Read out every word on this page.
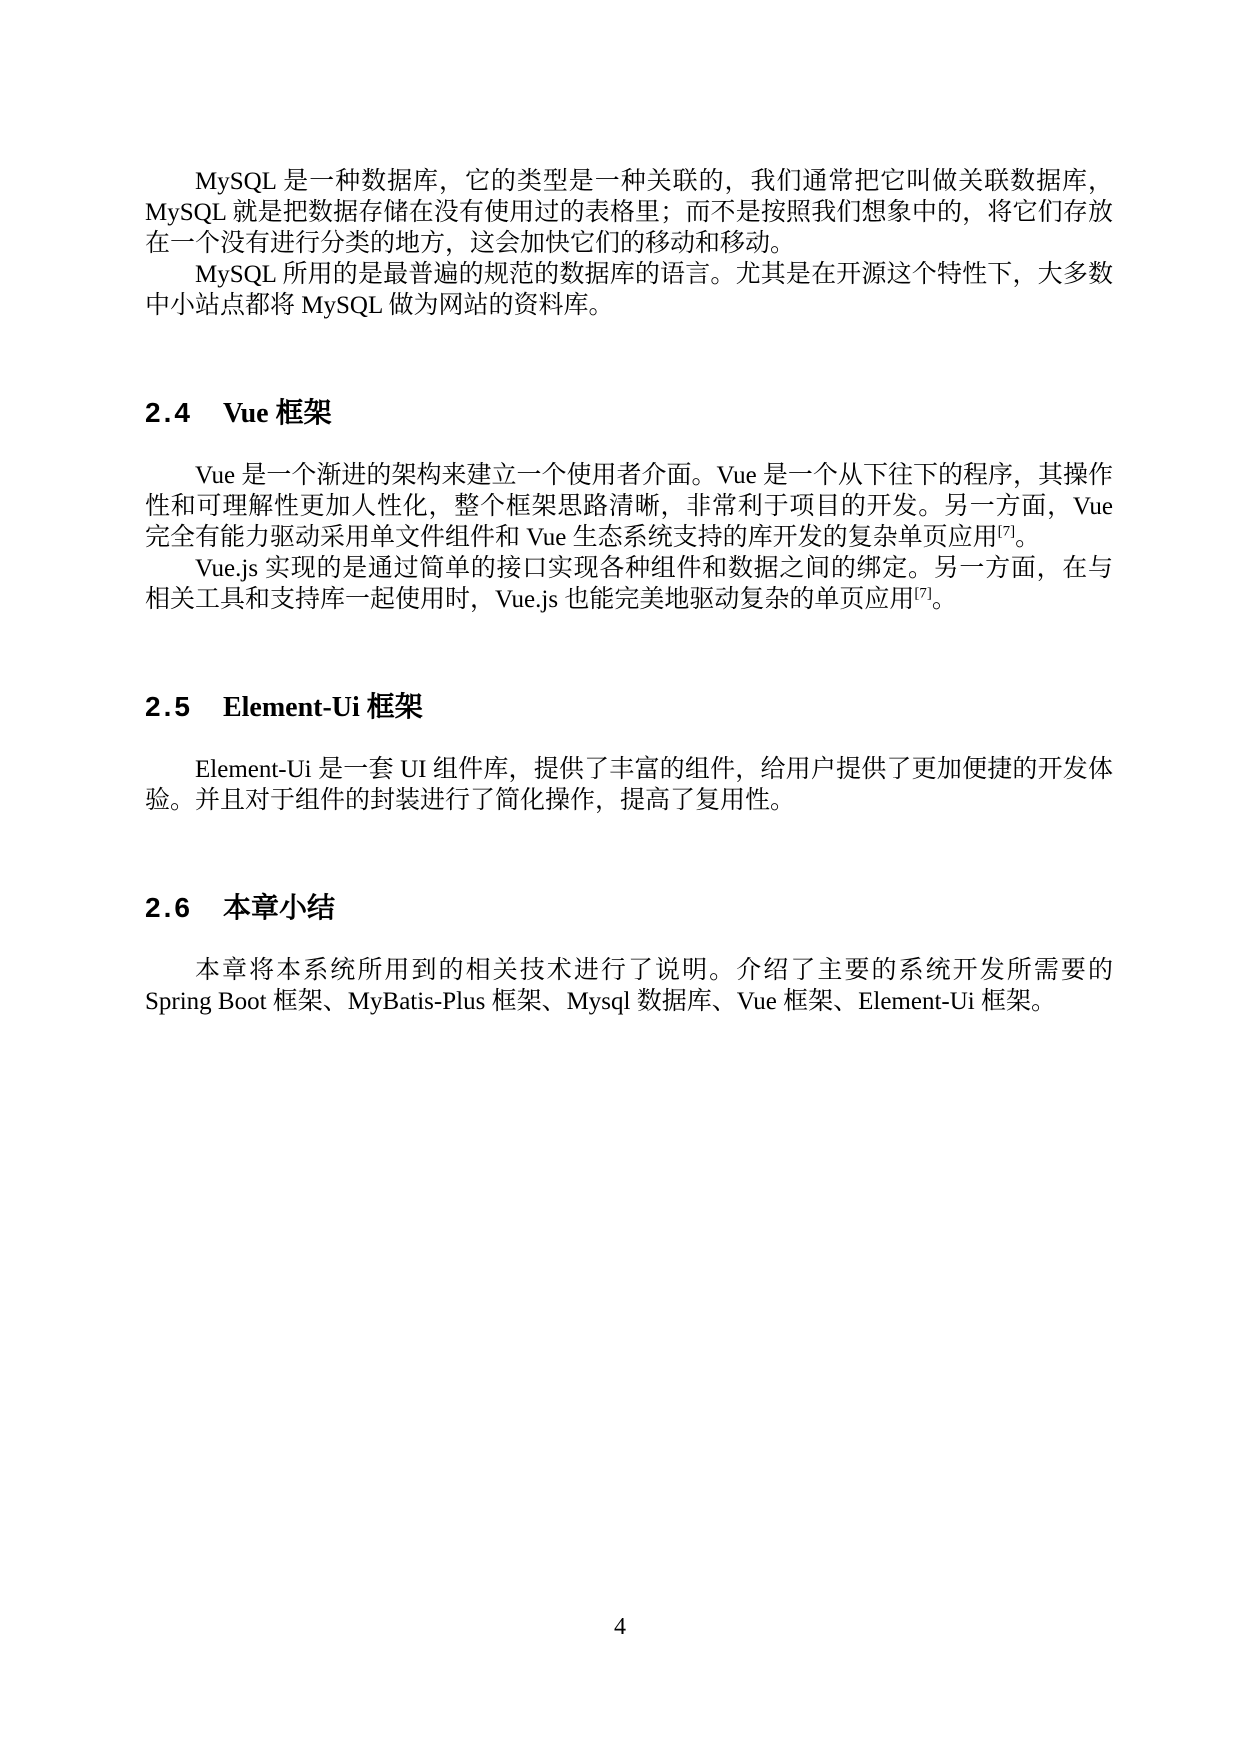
MySQL 是一种数据库，它的类型是一种关联的，我们通常把它叫做关联数据库，MySQL 就是把数据存储在没有使用过的表格里；而不是按照我们想象中的，将它们存放在一个没有进行分类的地方，这会加快它们的移动和移动。

MySQL 所用的是最普遍的规范的数据库的语言。尤其是在开源这个特性下，大多数中小站点都将 MySQL 做为网站的资料库。

2.4 Vue 框架

Vue 是一个渐进的架构来建立一个使用者介面。Vue 是一个从下往下的程序，其操作性和可理解性更加人性化，整个框架思路清晰，非常利于项目的开发。另一方面，Vue 完全有能力驱动采用单文件组件和 Vue 生态系统支持的库开发的复杂单页应用[7]。

Vue.js 实现的是通过简单的接口实现各种组件和数据之间的绑定。另一方面，在与相关工具和支持库一起使用时，Vue.js 也能完美地驱动复杂的单页应用[7]。

2.5 Element-Ui 框架

Element-Ui 是一套 UI 组件库，提供了丰富的组件，给用户提供了更加便捷的开发体验。并且对于组件的封装进行了简化操作，提高了复用性。

2.6 本章小结

本章将本系统所用到的相关技术进行了说明。介绍了主要的系统开发所需要的 Spring Boot 框架、MyBatis-Plus 框架、Mysql 数据库、Vue 框架、Element-Ui 框架。

4
